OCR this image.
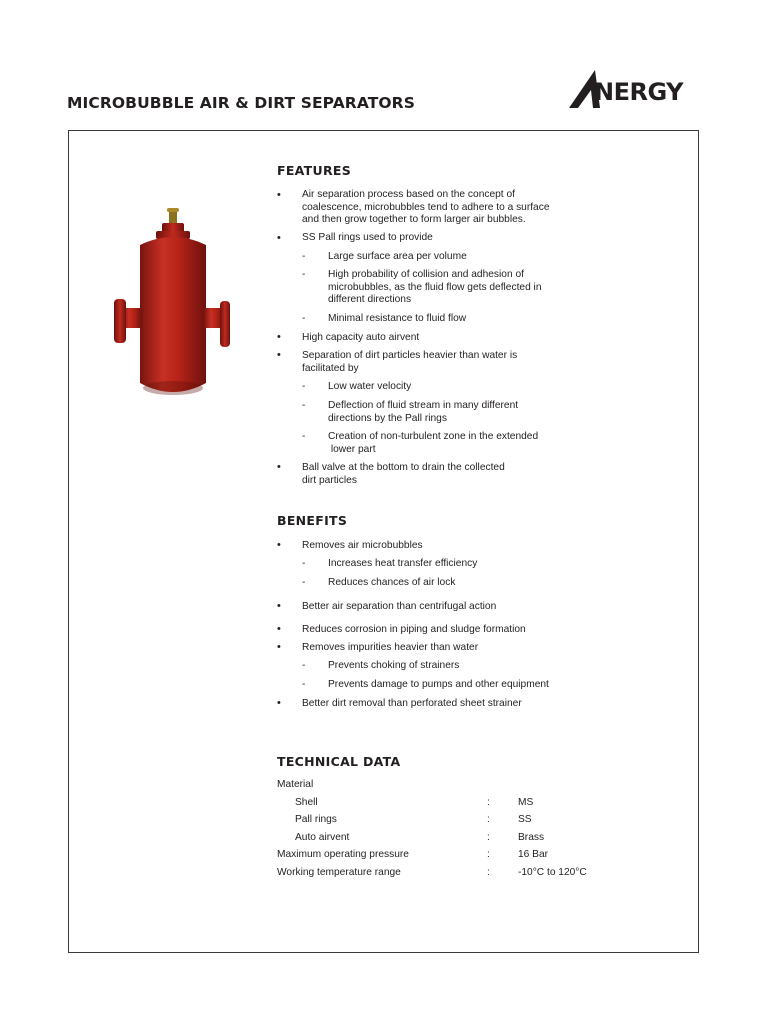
MICROBUBBLE AIR & DIRT SEPARATORS	NERGY
FEATURES
• Air separation process based on the concept of
coalescence, microbubbles tend to adhere to a surface
and then grow together to form larger air bubbles.

• SS Pall rings used to provide

- Large surface area per volume

- High probability of collision and adhesion of
microbubbles, as the fluid flow gets deflected in
different directions

- Minimal resistance to fluid flow

• High capacity auto airvent

• Separation of dirt particles heavier than water is
facilitated by

- Low water velocity

- Deflection of fluid stream in many different
directions by the Pall rings

- Creation of non-turbulent zone in the extended
lower part

• Ball valve at the bottom to drain the collected
dirt particles

BENEFITS
• Removes air microbubbles

- Increases heat transfer efficiency

- Reduces chances of air lock

• Better air separation than centrifugal action

• Reduces corrosion in piping and sludge formation

• Removes impurities heavier than water

- Prevents choking of strainers

- Prevents damage to pumps and other equipment

• Better dirt removal than perforated sheet strainer

TECHNICAL DATA

Material

Shell	:	MS

Pall rings	:	SS

Auto airvent	:	Brass

Maximum operating pressure	:	16 Bar

Working temperature range	:	-10°C to 120°C
